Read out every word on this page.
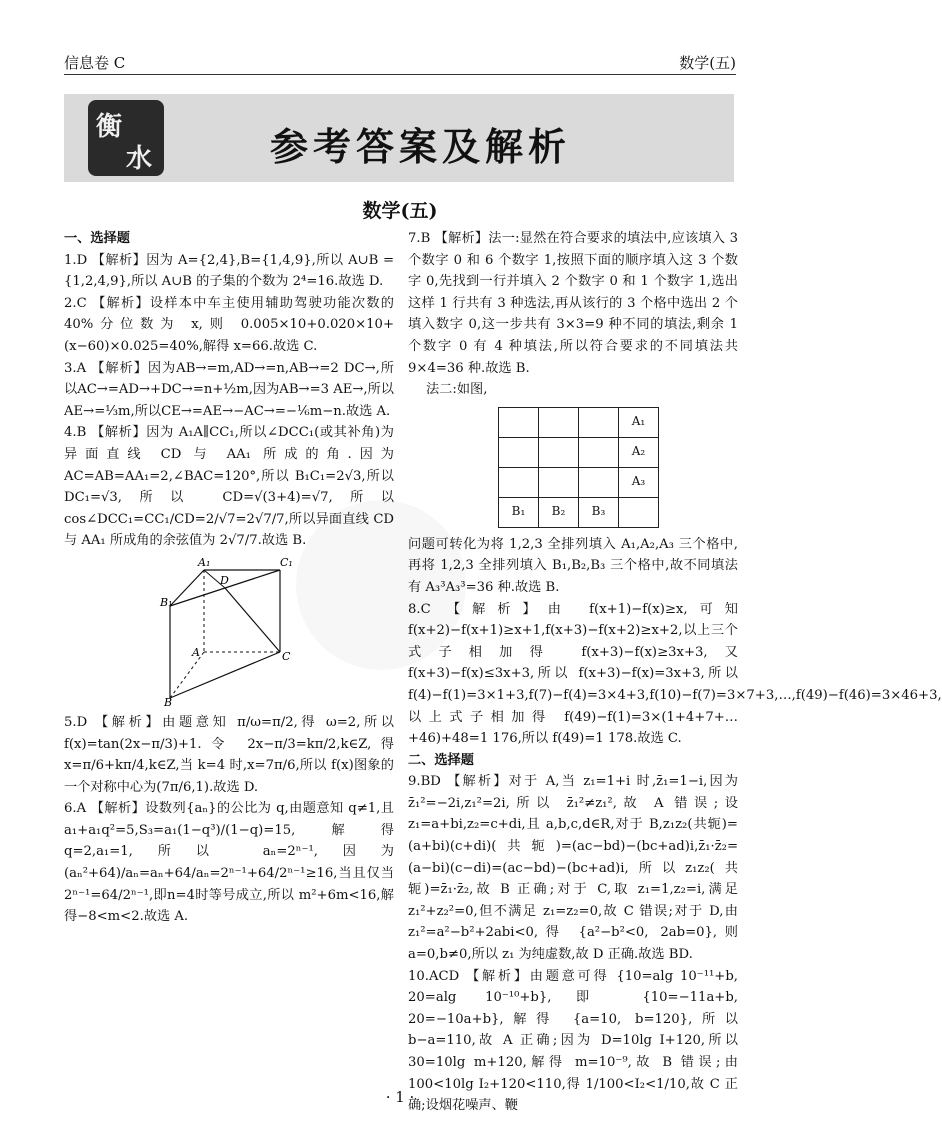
信息卷 C	数学(五)
衡
水	参考答案及解析
数学(五)

一、选择题

1.D 【解析】因为 A={2,4},B={1,4,9},所以 A∪B ={1,2,4,9},所以 A∪B 的子集的个数为 2⁴=16.故选 D.

2.C 【解析】设样本中车主使用辅助驾驶功能次数的 40%分位数为 x,则 0.005×10+0.020×10+(x−60)×0.025=40%,解得 x=66.故选 C.

3.A 【解析】因为AB→=m,AD→=n,AB→=2 DC→,所以AC→=AD→+DC→=n+½m,因为AB→=3 AE→,所以AE→=⅓m,所以CE→=AE→−AC→=−⅙m−n.故选 A.

4.B 【解析】因为 A₁A∥CC₁,所以∠DCC₁(或其补角)为异面直线 CD 与 AA₁ 所成的角.因为 AC=AB=AA₁=2,∠BAC=120°,所以 B₁C₁=2√3,所以 DC₁=√3,所以 CD=√(3+4)=√7,所以 cos∠DCC₁=CC₁/CD=2/√7=2√7/7,所以异面直线 CD 与 AA₁ 所成角的余弦值为 2√7/7.故选 B.

A₁	C₁
D
B₁
A	C
B

5.D 【解析】由题意知 π/ω=π/2,得 ω=2,所以 f(x)=tan(2x−π/3)+1.令 2x−π/3=kπ/2,k∈Z,得 x=π/6+kπ/4,k∈Z,当 k=4 时,x=7π/6,所以 f(x)图象的一个对称中心为(7π/6,1).故选 D.

6.A 【解析】设数列{aₙ}的公比为 q,由题意知 q≠1,且 a₁+a₁q²=5,S₃=a₁(1−q³)/(1−q)=15,解得 q=2,a₁=1,所以 aₙ=2ⁿ⁻¹,因为(aₙ²+64)/aₙ=aₙ+64/aₙ=2ⁿ⁻¹+64/2ⁿ⁻¹≥16,当且仅当2ⁿ⁻¹=64/2ⁿ⁻¹,即n=4时等号成立,所以 m²+6m<16,解得−8<m<2.故选 A.

7.B 【解析】法一:显然在符合要求的填法中,应该填入 3 个数字 0 和 6 个数字 1,按照下面的顺序填入这 3 个数字 0,先找到一行并填入 2 个数字 0 和 1 个数字 1,选出这样 1 行共有 3 种选法,再从该行的 3 个格中选出 2 个填入数字 0,这一步共有 3×3=9 种不同的填法,剩余 1 个数字 0 有 4 种填法,所以符合要求的不同填法共 9×4=36 种.故选 B.

法二:如图,

			A₁
			A₂
			A₃
B₁	B₂	B₃	

问题可转化为将 1,2,3 全排列填入 A₁,A₂,A₃ 三个格中,再将 1,2,3 全排列填入 B₁,B₂,B₃ 三个格中,故不同填法有 A₃³A₃³=36 种.故选 B.

8.C 【解析】由 f(x+1)−f(x)≥x,可知 f(x+2)−f(x+1)≥x+1,f(x+3)−f(x+2)≥x+2,以上三个式子相加得 f(x+3)−f(x)≥3x+3,又 f(x+3)−f(x)≤3x+3,所以 f(x+3)−f(x)=3x+3,所以 f(4)−f(1)=3×1+3,f(7)−f(4)=3×4+3,f(10)−f(7)=3×7+3,…,f(49)−f(46)=3×46+3,以上式子相加得 f(49)−f(1)=3×(1+4+7+…+46)+48=1 176,所以 f(49)=1 178.故选 C.

二、选择题

9.BD 【解析】对于 A,当 z₁=1+i 时,z̄₁=1−i,因为 z̄₁²=−2i,z₁²=2i,所以 z̄₁²≠z₁²,故 A 错误;设 z₁=a+bi,z₂=c+di,且 a,b,c,d∈R,对于 B,z₁z₂(共轭)=(a+bi)(c+di)(共轭)=(ac−bd)−(bc+ad)i,z̄₁·z̄₂=(a−bi)(c−di)=(ac−bd)−(bc+ad)i,所以z₁z₂(共轭)=z̄₁·z̄₂,故 B 正确;对于 C,取 z₁=1,z₂=i,满足 z₁²+z₂²=0,但不满足 z₁=z₂=0,故 C 错误;对于 D,由 z₁²=a²−b²+2abi<0,得 {a²−b²<0, 2ab=0},则 a=0,b≠0,所以 z₁ 为纯虚数,故 D 正确.故选 BD.

10.ACD 【解析】由题意可得 {10=alg 10⁻¹¹+b, 20=alg 10⁻¹⁰+b},即 {10=−11a+b, 20=−10a+b},解得 {a=10, b=120},所以 b−a=110,故 A 正确;因为 D=10lg I+120,所以 30=10lg m+120,解得 m=10⁻⁹,故 B 错误;由 100<10lg I₂+120<110,得 1/100<I₂<1/10,故 C 正确;设烟花噪声、鞭

· 1 ·
